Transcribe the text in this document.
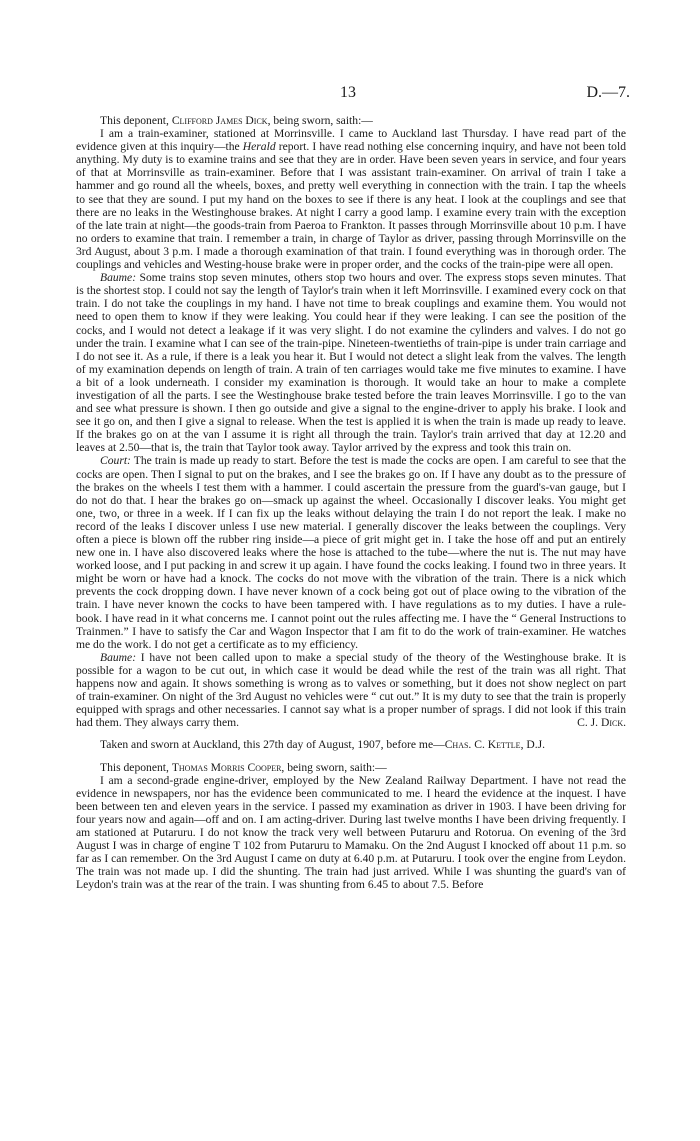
13	D.—7.

This deponent, Clifford James Dick, being sworn, saith:—

I am a train-examiner, stationed at Morrinsville. I came to Auckland last Thursday. I have read part of the evidence given at this inquiry—the Herald report. I have read nothing else concerning inquiry, and have not been told anything. My duty is to examine trains and see that they are in order. Have been seven years in service, and four years of that at Morrinsville as train-examiner. Before that I was assistant train-examiner. On arrival of train I take a hammer and go round all the wheels, boxes, and pretty well everything in connection with the train. I tap the wheels to see that they are sound. I put my hand on the boxes to see if there is any heat. I look at the couplings and see that there are no leaks in the Westinghouse brakes. At night I carry a good lamp. I examine every train with the exception of the late train at night—the goods-train from Paeroa to Frankton. It passes through Morrinsville about 10 p.m. I have no orders to examine that train. I remember a train, in charge of Taylor as driver, passing through Morrinsville on the 3rd August, about 3 p.m. I made a thorough examination of that train. I found everything was in thorough order. The couplings and vehicles and Westing-house brake were in proper order, and the cocks of the train-pipe were all open.

Baume: Some trains stop seven minutes, others stop two hours and over. The express stops seven minutes. That is the shortest stop. I could not say the length of Taylor's train when it left Morrinsville. I examined every cock on that train. I do not take the couplings in my hand. I have not time to break couplings and examine them. You would not need to open them to know if they were leaking. You could hear if they were leaking. I can see the position of the cocks, and I would not detect a leakage if it was very slight. I do not examine the cylinders and valves. I do not go under the train. I examine what I can see of the train-pipe. Nineteen-twentieths of train-pipe is under train carriage and I do not see it. As a rule, if there is a leak you hear it. But I would not detect a slight leak from the valves. The length of my examination depends on length of train. A train of ten carriages would take me five minutes to examine. I have a bit of a look underneath. I consider my examination is thorough. It would take an hour to make a complete investigation of all the parts. I see the Westinghouse brake tested before the train leaves Morrinsville. I go to the van and see what pressure is shown. I then go outside and give a signal to the engine-driver to apply his brake. I look and see it go on, and then I give a signal to release. When the test is applied it is when the train is made up ready to leave. If the brakes go on at the van I assume it is right all through the train. Taylor's train arrived that day at 12.20 and leaves at 2.50—that is, the train that Taylor took away. Taylor arrived by the express and took this train on.

Court: The train is made up ready to start. Before the test is made the cocks are open. I am careful to see that the cocks are open. Then I signal to put on the brakes, and I see the brakes go on. If I have any doubt as to the pressure of the brakes on the wheels I test them with a hammer. I could ascertain the pressure from the guard's-van gauge, but I do not do that. I hear the brakes go on—smack up against the wheel. Occasionally I discover leaks. You might get one, two, or three in a week. If I can fix up the leaks without delaying the train I do not report the leak. I make no record of the leaks I discover unless I use new material. I generally discover the leaks between the couplings. Very often a piece is blown off the rubber ring inside—a piece of grit might get in. I take the hose off and put an entirely new one in. I have also discovered leaks where the hose is attached to the tube—where the nut is. The nut may have worked loose, and I put packing in and screw it up again. I have found the cocks leaking. I found two in three years. It might be worn or have had a knock. The cocks do not move with the vibration of the train. There is a nick which prevents the cock dropping down. I have never known of a cock being got out of place owing to the vibration of the train. I have never known the cocks to have been tampered with. I have regulations as to my duties. I have a rule-book. I have read in it what concerns me. I cannot point out the rules affecting me. I have the “ General Instructions to Trainmen.” I have to satisfy the Car and Wagon Inspector that I am fit to do the work of train-examiner. He watches me do the work. I do not get a certificate as to my efficiency.

Baume: I have not been called upon to make a special study of the theory of the Westinghouse brake. It is possible for a wagon to be cut out, in which case it would be dead while the rest of the train was all right. That happens now and again. It shows something is wrong as to valves or something, but it does not show neglect on part of train-examiner. On night of the 3rd August no vehicles were “ cut out.” It is my duty to see that the train is properly equipped with sprags and other necessaries. I cannot say what is a proper number of sprags. I did not look if this train had them. They always carry them.	C. J. Dick.

Taken and sworn at Auckland, this 27th day of August, 1907, before me—Chas. C. Kettle, D.J.

This deponent, Thomas Morris Cooper, being sworn, saith:—

I am a second-grade engine-driver, employed by the New Zealand Railway Department. I have not read the evidence in newspapers, nor has the evidence been communicated to me. I heard the evidence at the inquest. I have been between ten and eleven years in the service. I passed my examination as driver in 1903. I have been driving for four years now and again—off and on. I am acting-driver. During last twelve months I have been driving frequently. I am stationed at Putaruru. I do not know the track very well between Putaruru and Rotorua. On evening of the 3rd August I was in charge of engine T 102 from Putaruru to Mamaku. On the 2nd August I knocked off about 11 p.m. so far as I can remember. On the 3rd August I came on duty at 6.40 p.m. at Putaruru. I took over the engine from Leydon. The train was not made up. I did the shunting. The train had just arrived. While I was shunting the guard's van of Leydon's train was at the rear of the train. I was shunting from 6.45 to about 7.5. Before
